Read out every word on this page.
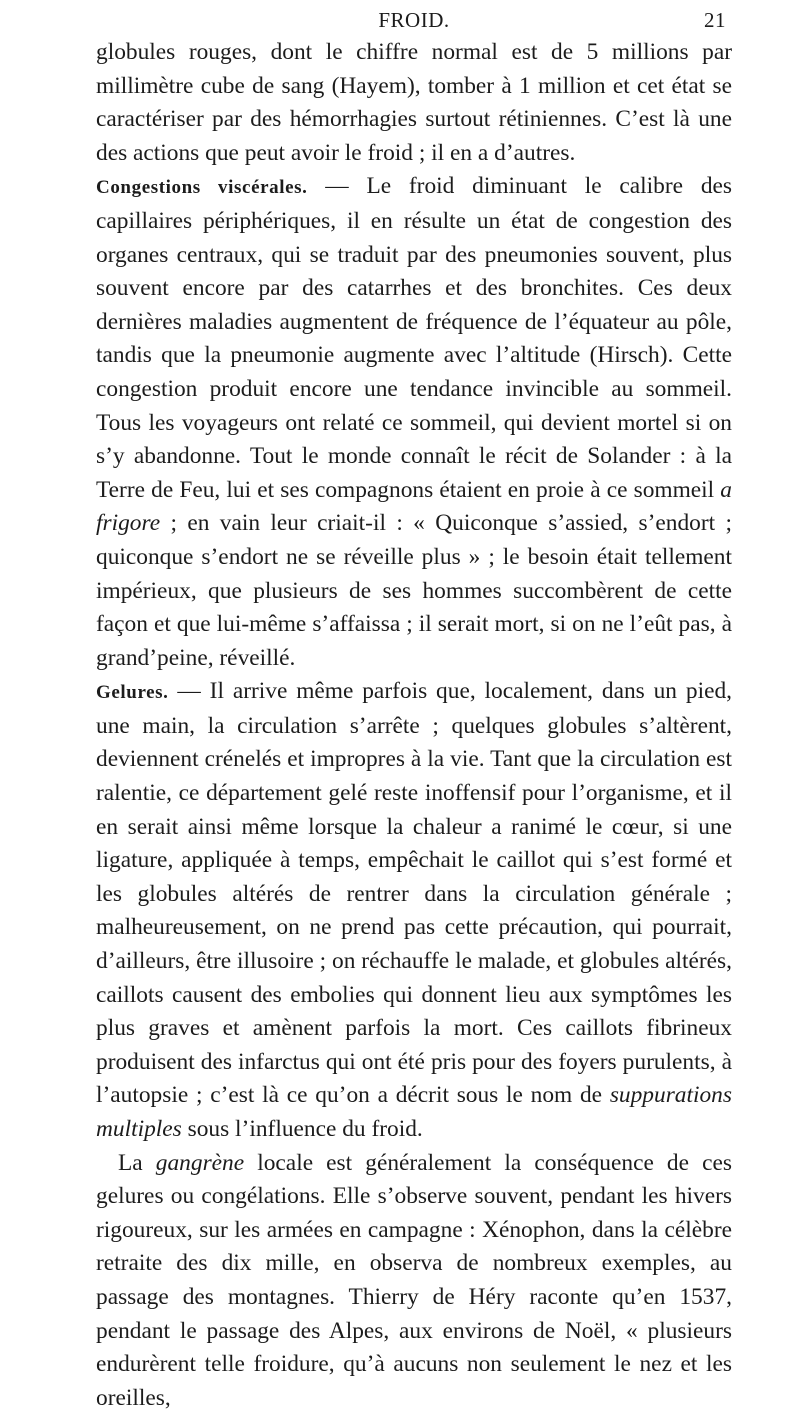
FROID.	21

globules rouges, dont le chiffre normal est de 5 millions par millimètre cube de sang (Hayem), tomber à 1 million et cet état se caractériser par des hémorrhagies surtout rétiniennes. C’est là une des actions que peut avoir le froid ; il en a d’autres.

Congestions viscérales. — Le froid diminuant le calibre des capillaires périphériques, il en résulte un état de congestion des organes centraux, qui se traduit par des pneumonies souvent, plus souvent encore par des catarrhes et des bronchites. Ces deux dernières maladies augmentent de fréquence de l’équateur au pôle, tandis que la pneumonie augmente avec l’altitude (Hirsch). Cette congestion produit encore une tendance invincible au sommeil. Tous les voyageurs ont relaté ce sommeil, qui devient mortel si on s’y abandonne. Tout le monde connaît le récit de Solander : à la Terre de Feu, lui et ses compagnons étaient en proie à ce sommeil a frigore ; en vain leur criait-il : « Quiconque s’assied, s’endort ; quiconque s’endort ne se réveille plus » ; le besoin était tellement impérieux, que plusieurs de ses hommes succombèrent de cette façon et que lui-même s’affaissa ; il serait mort, si on ne l’eût pas, à grand’peine, réveillé.

Gelures. — Il arrive même parfois que, localement, dans un pied, une main, la circulation s’arrête ; quelques globules s’altèrent, deviennent crénelés et impropres à la vie. Tant que la circulation est ralentie, ce département gelé reste inoffensif pour l’organisme, et il en serait ainsi même lorsque la chaleur a ranimé le cœur, si une ligature, appliquée à temps, empêchait le caillot qui s’est formé et les globules altérés de rentrer dans la circulation générale ; malheureusement, on ne prend pas cette précaution, qui pourrait, d’ailleurs, être illusoire ; on réchauffe le malade, et globules altérés, caillots causent des embolies qui donnent lieu aux symptômes les plus graves et amènent parfois la mort. Ces caillots fibrineux produisent des infarctus qui ont été pris pour des foyers purulents, à l’autopsie ; c’est là ce qu’on a décrit sous le nom de suppurations multiples sous l’influence du froid.

La gangrène locale est généralement la conséquence de ces gelures ou congélations. Elle s’observe souvent, pendant les hivers rigoureux, sur les armées en campagne : Xénophon, dans la célèbre retraite des dix mille, en observa de nombreux exemples, au passage des montagnes. Thierry de Héry raconte qu’en 1537, pendant le passage des Alpes, aux environs de Noël, « plusieurs endurèrent telle froidure, qu’à aucuns non seulement le nez et les oreilles,
